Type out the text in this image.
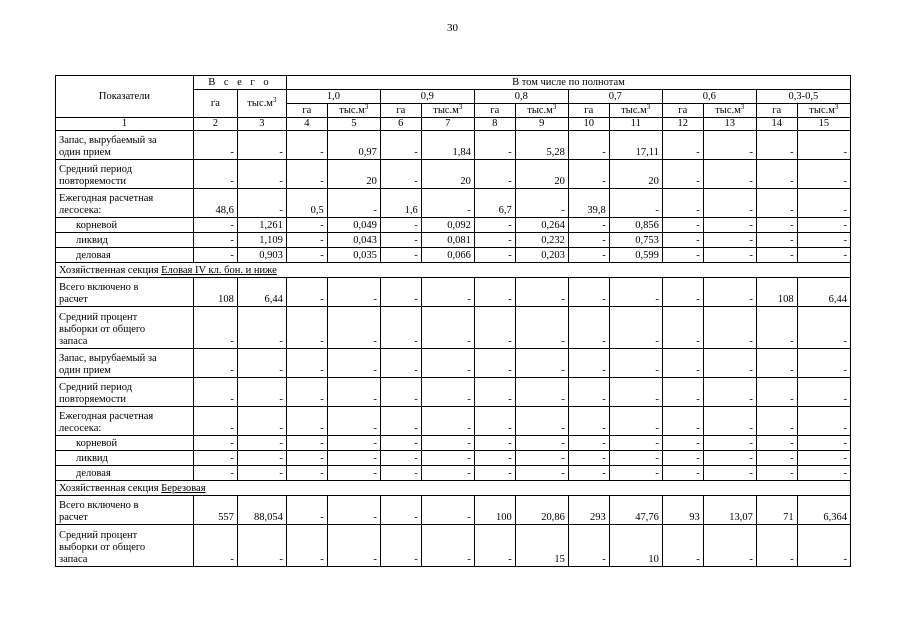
30
Показатели	В с е г о		В том числе по полнотам											
	га	$тыс.м^3$	1,0		0,9		0,8		0,7		0,6		0,3-0,5	
			га	$тыс.м^3$	га	$тыс.м^3$	га	$тыс.м^3$	га	$тыс.м^3$	га	$тыс.м^3$	га	$тыс.м^3$
1	2	3	4	5	6	7	8	9	10	11	12	13	14	15
Запас, вырубаемый за
один прием	-	-	-	0,97	-	1,84	-	5,28	-	17,11	-	-	-	-
Средний период
повторяемости	-	-	-	20	-	20	-	20	-	20	-	-	-	-
Ежегодная расчетная
лесосека:	48,6	-	0,5	-	1,6	-	6,7	-	39,8	-	-	-	-	-
корневой	-	1,261	-	0,049	-	0,092	-	0,264	-	0,856	-	-	-	-
ликвид	-	1,109	-	0,043	-	0,081	-	0,232	-	0,753	-	-	-	-
деловая	-	0,903	-	0,035	-	0,066	-	0,203	-	0,599	-	-	-	-
Хозяйственная секция Еловая IV кл. бон. и ниже														
Всего включено в
расчет	108	6,44	-	-	-	-	-	-	-	-	-	-	108	6,44
Средний процент
выборки от общего
запаса	-	-	-	-	-	-	-	-	-	-	-	-	-	-
Запас, вырубаемый за
один прием	-	-	-	-	-	-	-	-	-	-	-	-	-	-
Средний период
повторяемости	-	-	-	-	-	-	-	-	-	-	-	-	-	-
Ежегодная расчетная
лесосека:	-	-	-	-	-	-	-	-	-	-	-	-	-	-
корневой	-	-	-	-	-	-	-	-	-	-	-	-	-	-
ликвид	-	-	-	-	-	-	-	-	-	-	-	-	-	-
деловая	-	-	-	-	-	-	-	-	-	-	-	-	-	-
Хозяйственная секция Березовая														
Всего включено в
расчет	557	88,054	-	-	-	-	100	20,86	293	47,76	93	13,07	71	6,364
Средний процент
выборки от общего
запаса	-	-	-	-	-	-	-	15	-	10	-	-	-	-
